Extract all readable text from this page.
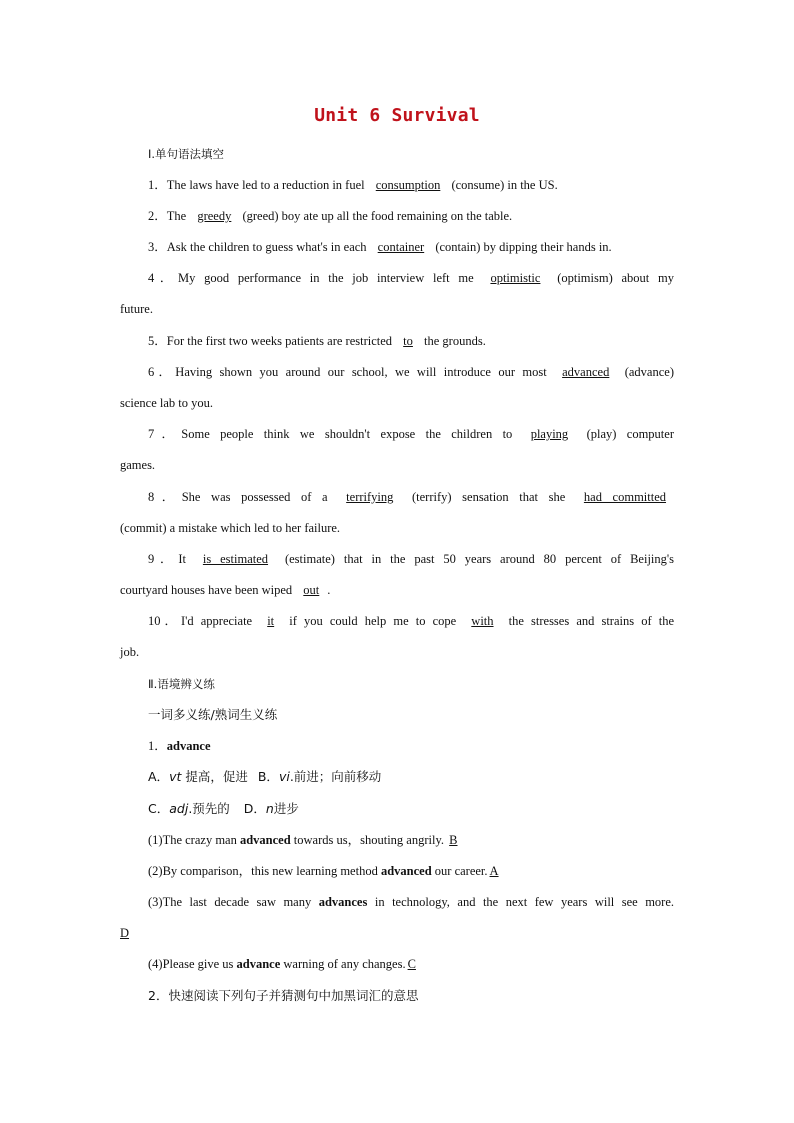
Unit 6 Survival
Ⅰ.单句语法填空
1．The laws have led to a reduction in fuel consumption (consume) in the US.
2．The greedy (greed) boy ate up all the food remaining on the table.
3．Ask the children to guess what's in each container (contain) by dipping their hands in.
4．My good performance in the job interview left me optimistic (optimism) about my
future.
5．For the first two weeks patients are restricted to the grounds.
6．Having shown you around our school, we will introduce our most advanced (advance)
science lab to you.
7．Some people think we shouldn't expose the children to playing (play) computer
games.
8．She was possessed of a terrifying (terrify) sensation that she had committed
(commit) a mistake which led to her failure.
9．It is estimated (estimate) that in the past 50 years around 80 percent of Beijing's
courtyard houses have been wiped out .
10．I'd appreciate it if you could help me to cope with the stresses and strains of the
job.
Ⅱ.语境辨义练
一词多义练/熟词生义练
1．advance
A．vt 提高，促进 B．vi.前进；向前移动
C．adj.预先的 D．n进步
(1)The crazy man advanced towards us，shouting angrily. B
(2)By comparison，this new learning method advanced our career. A
(3)The last decade saw many advances in technology, and the next few years will see more.
D
(4)Please give us advance warning of any changes. C
2．快速阅读下列句子并猜测句中加黑词汇的意思
